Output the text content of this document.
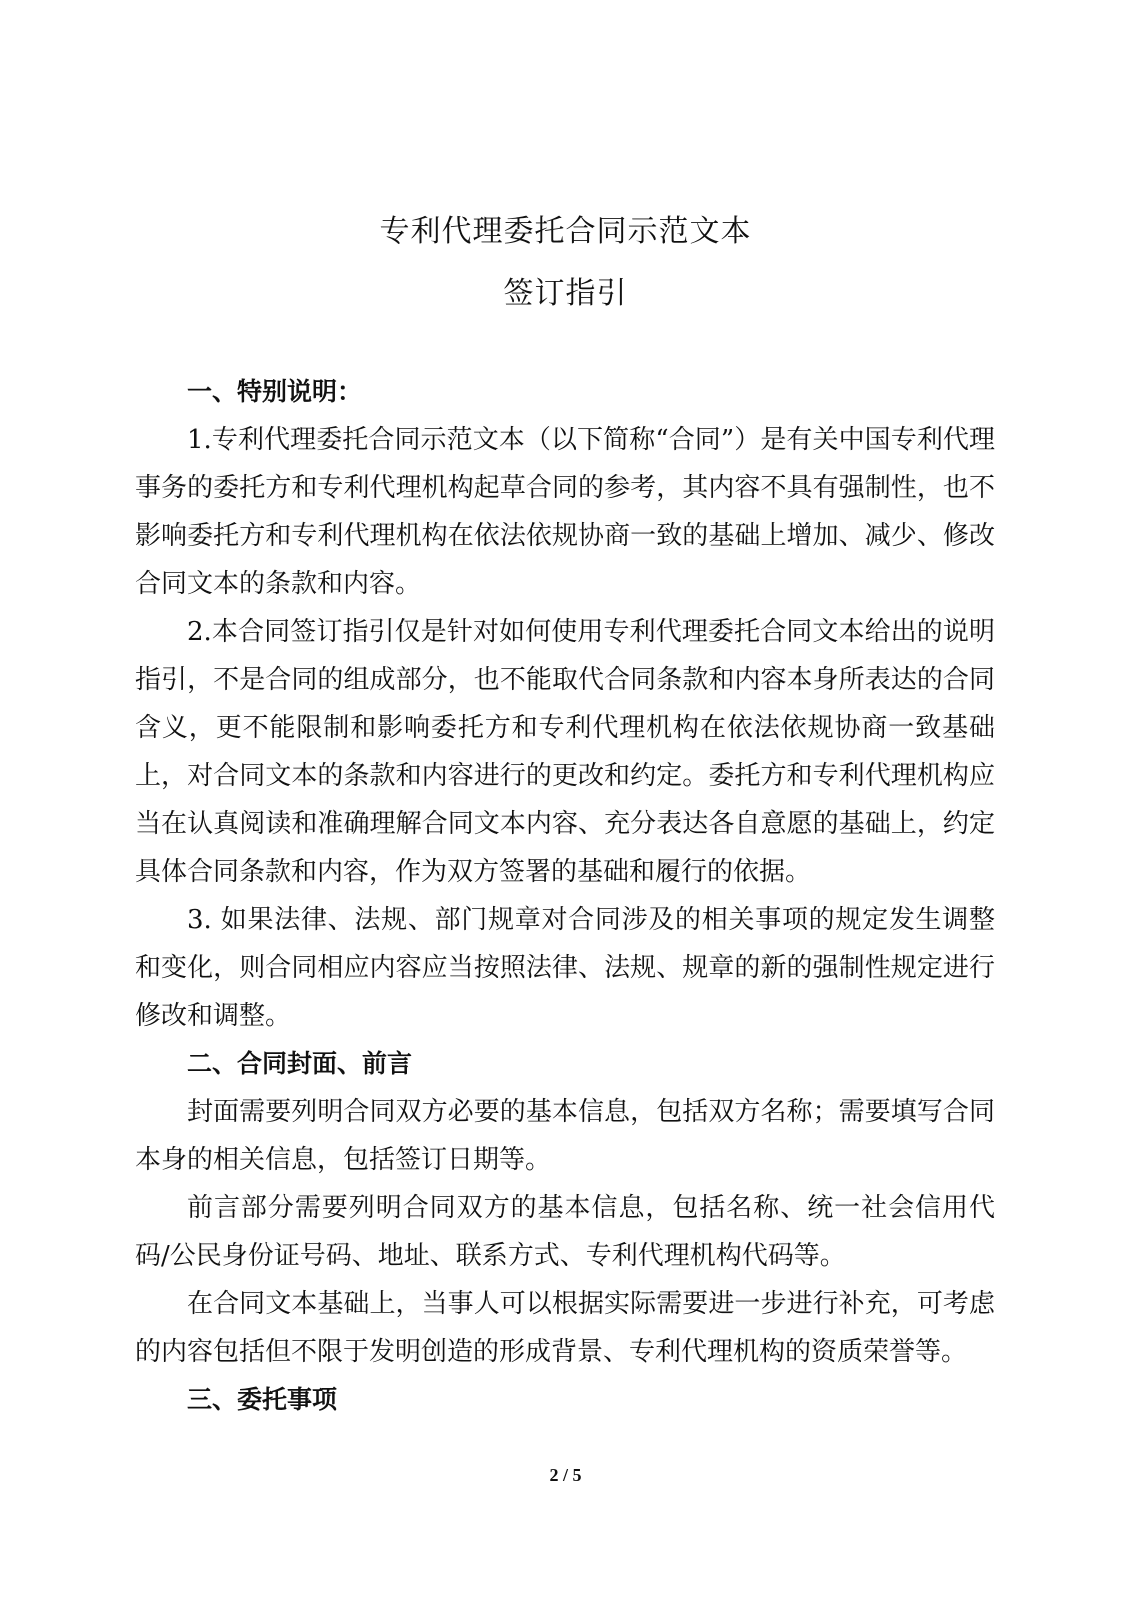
专利代理委托合同示范文本
签订指引

一、特别说明：

1.专利代理委托合同示范文本（以下简称“合同”）是有关中国专利代理事务的委托方和专利代理机构起草合同的参考，其内容不具有强制性，也不影响委托方和专利代理机构在依法依规协商一致的基础上增加、减少、修改合同文本的条款和内容。

2.本合同签订指引仅是针对如何使用专利代理委托合同文本给出的说明指引，不是合同的组成部分，也不能取代合同条款和内容本身所表达的合同含义，更不能限制和影响委托方和专利代理机构在依法依规协商一致基础上，对合同文本的条款和内容进行的更改和约定。委托方和专利代理机构应当在认真阅读和准确理解合同文本内容、充分表达各自意愿的基础上，约定具体合同条款和内容，作为双方签署的基础和履行的依据。

3. 如果法律、法规、部门规章对合同涉及的相关事项的规定发生调整和变化，则合同相应内容应当按照法律、法规、规章的新的强制性规定进行修改和调整。

二、合同封面、前言

封面需要列明合同双方必要的基本信息，包括双方名称；需要填写合同本身的相关信息，包括签订日期等。

前言部分需要列明合同双方的基本信息，包括名称、统一社会信用代码/公民身份证号码、地址、联系方式、专利代理机构代码等。

在合同文本基础上，当事人可以根据实际需要进一步进行补充，可考虑的内容包括但不限于发明创造的形成背景、专利代理机构的资质荣誉等。

三、委托事项

2 / 5
